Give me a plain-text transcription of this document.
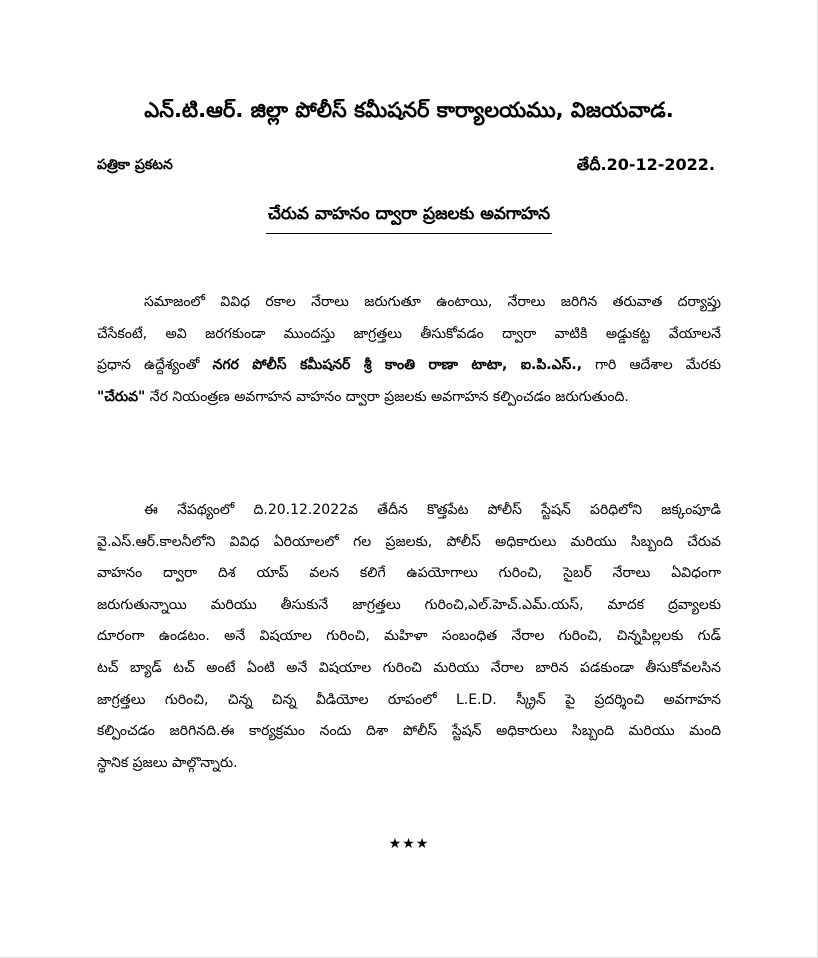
ఎన్.టి.ఆర్. జిల్లా పోలీస్ కమీషనర్ కార్యాలయము, విజయవాడ.
పత్రికా ప్రకటన	తేదీ.20-12-2022.
చేరువ వాహనం ద్వారా ప్రజలకు అవగాహన
సమాజంలో వివిధ రకాల నేరాలు జరుగుతూ ఉంటాయి, నేరాలు జరిగిన తరువాత దర్యాప్తు
చేసేకంటే, అవి జరగకుండా ముందస్తు జాగ్రత్తలు తీసుకోవడం ద్వారా వాటికి అడ్డుకట్ట వేయాలనే
ప్రధాన ఉద్దేశ్యంతో నగర పోలీస్ కమీషనర్ శ్రీ కాంతి రాణా టాటా, ఐ.పి.ఎస్., గారి ఆదేశాల మేరకు
"చేరువ" నేర నియంత్రణ అవగాహన వాహనం ద్వారా ప్రజలకు అవగాహన కల్పించడం జరుగుతుంది.
ఈ నేపథ్యంలో ది.20.12.2022వ తేదీన కొత్తపేట పోలీస్ స్టేషన్ పరిధిలోని జక్కంపూడి
వై.ఎస్.ఆర్.కాలనీలోని వివిధ ఏరియాలలో గల ప్రజలకు, పోలీస్ అధికారులు మరియు సిబ్బంది చేరువ
వాహనం ద్వారా దిశ యాప్ వలన కలిగే ఉపయోగాలు గురించి, సైబర్ నేరాలు ఏవిధంగా
జరుగుతున్నాయి మరియు తీసుకునే జాగ్రత్తలు గురించి,ఎల్.హెచ్.ఎమ్.యస్, మాదక ద్రవ్యాలకు
దూరంగా ఉండటం. అనే విషయాల గురించి, మహిళా సంబంధిత నేరాల గురించి, చిన్నపిల్లలకు గుడ్
టచ్ బ్యాడ్ టచ్ అంటే ఏంటి అనే విషయాల గురించి మరియు నేరాల బారిన పడకుండా తీసుకోవలసిన
జాగ్రత్తలు గురించి, చిన్న చిన్న వీడియోల రూపంలో L.E.D. స్క్రీన్ పై ప్రదర్శించి అవగాహన
కల్పించడం జరిగినది.ఈ కార్యక్రమం నందు దిశా పోలీస్ స్టేషన్ అధికారులు సిబ్బంది మరియు మంది
స్థానిక ప్రజలు పాల్గొన్నారు.
★★★
